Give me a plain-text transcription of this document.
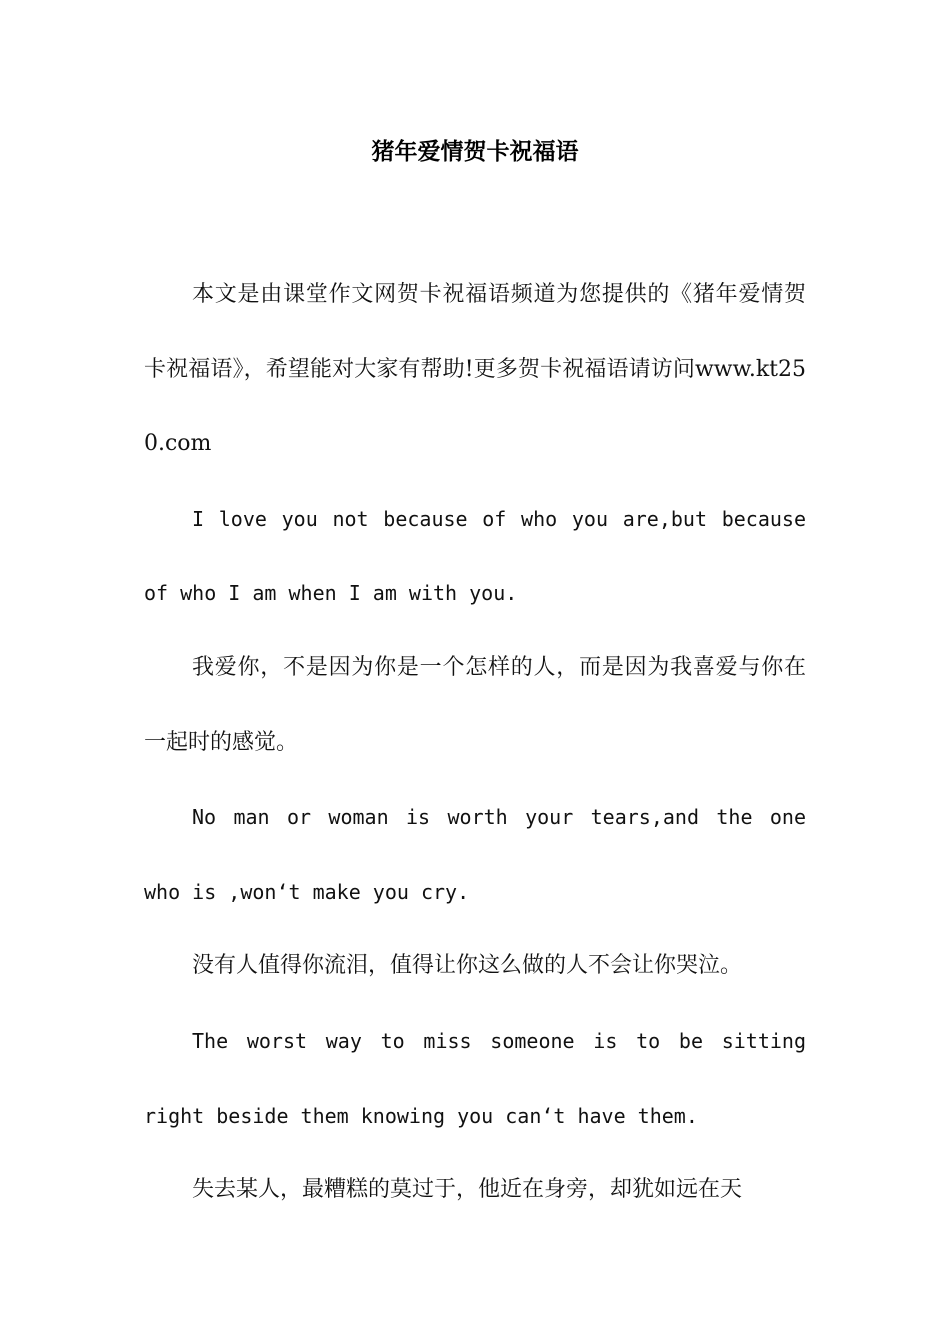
猪年爱情贺卡祝福语

本文是由课堂作文网贺卡祝福语频道为您提供的《猪年爱情贺卡祝福语》，希望能对大家有帮助!更多贺卡祝福语请访问www.kt250.com

I love you not because of who you are,but because of who I am when I am with you.

我爱你，不是因为你是一个怎样的人，而是因为我喜爱与你在一起时的感觉。

No man or woman is worth your tears,and the one who is ,won‘t make you cry.

没有人值得你流泪，值得让你这么做的人不会让你哭泣。

The worst way to miss someone is to be sitting right beside them knowing you can‘t have them.

失去某人，最糟糕的莫过于，他近在身旁，却犹如远在天
